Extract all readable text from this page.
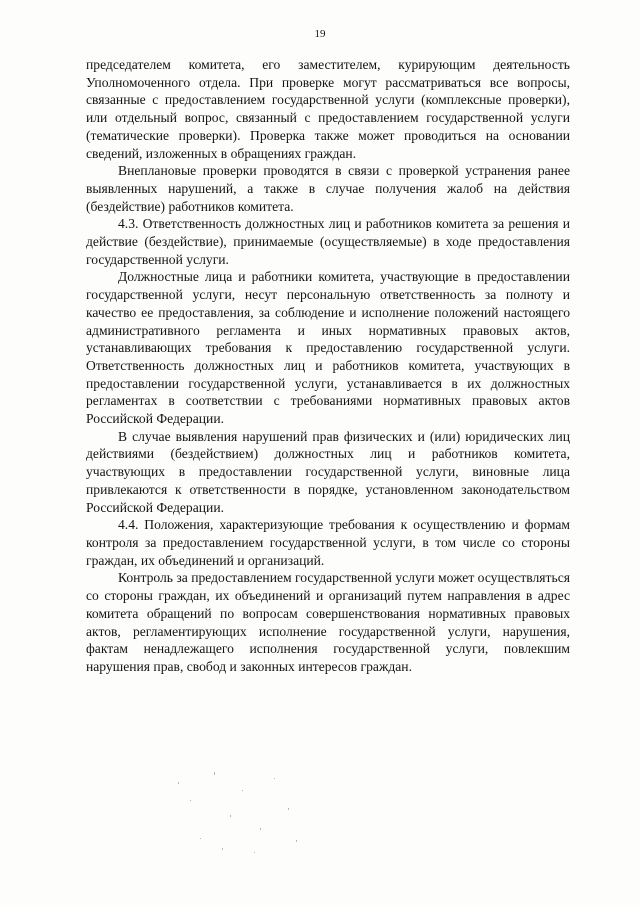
19

председателем комитета, его заместителем, курирующим деятельность Уполномоченного отдела. При проверке могут рассматриваться все вопросы, связанные с предоставлением государственной услуги (комплексные проверки), или отдельный вопрос, связанный с предоставлением государственной услуги (тематические проверки). Проверка также может проводиться на основании сведений, изложенных в обращениях граждан.

Внеплановые проверки проводятся в связи с проверкой устранения ранее выявленных нарушений, а также в случае получения жалоб на действия (бездействие) работников комитета.

4.3. Ответственность должностных лиц и работников комитета за решения и действие (бездействие), принимаемые (осуществляемые) в ходе предоставления государственной услуги.

Должностные лица и работники комитета, участвующие в предоставлении государственной услуги, несут персональную ответственность за полноту и качество ее предоставления, за соблюдение и исполнение положений настоящего административного регламента и иных нормативных правовых актов, устанавливающих требования к предоставлению государственной услуги. Ответственность должностных лиц и работников комитета, участвующих в предоставлении государственной услуги, устанавливается в их должностных регламентах в соответствии с требованиями нормативных правовых актов Российской Федерации.

В случае выявления нарушений прав физических и (или) юридических лиц действиями (бездействием) должностных лиц и работников комитета, участвующих в предоставлении государственной услуги, виновные лица привлекаются к ответственности в порядке, установленном законодательством Российской Федерации.

4.4. Положения, характеризующие требования к осуществлению и формам контроля за предоставлением государственной услуги, в том числе со стороны граждан, их объединений и организаций.

Контроль за предоставлением государственной услуги может осуществляться со стороны граждан, их объединений и организаций путем направления в адрес комитета обращений по вопросам совершенствования нормативных правовых актов, регламентирующих исполнение государственной услуги, нарушения, фактам ненадлежащего исполнения государственной услуги, повлекшим нарушения прав, свобод и законных интересов граждан.
